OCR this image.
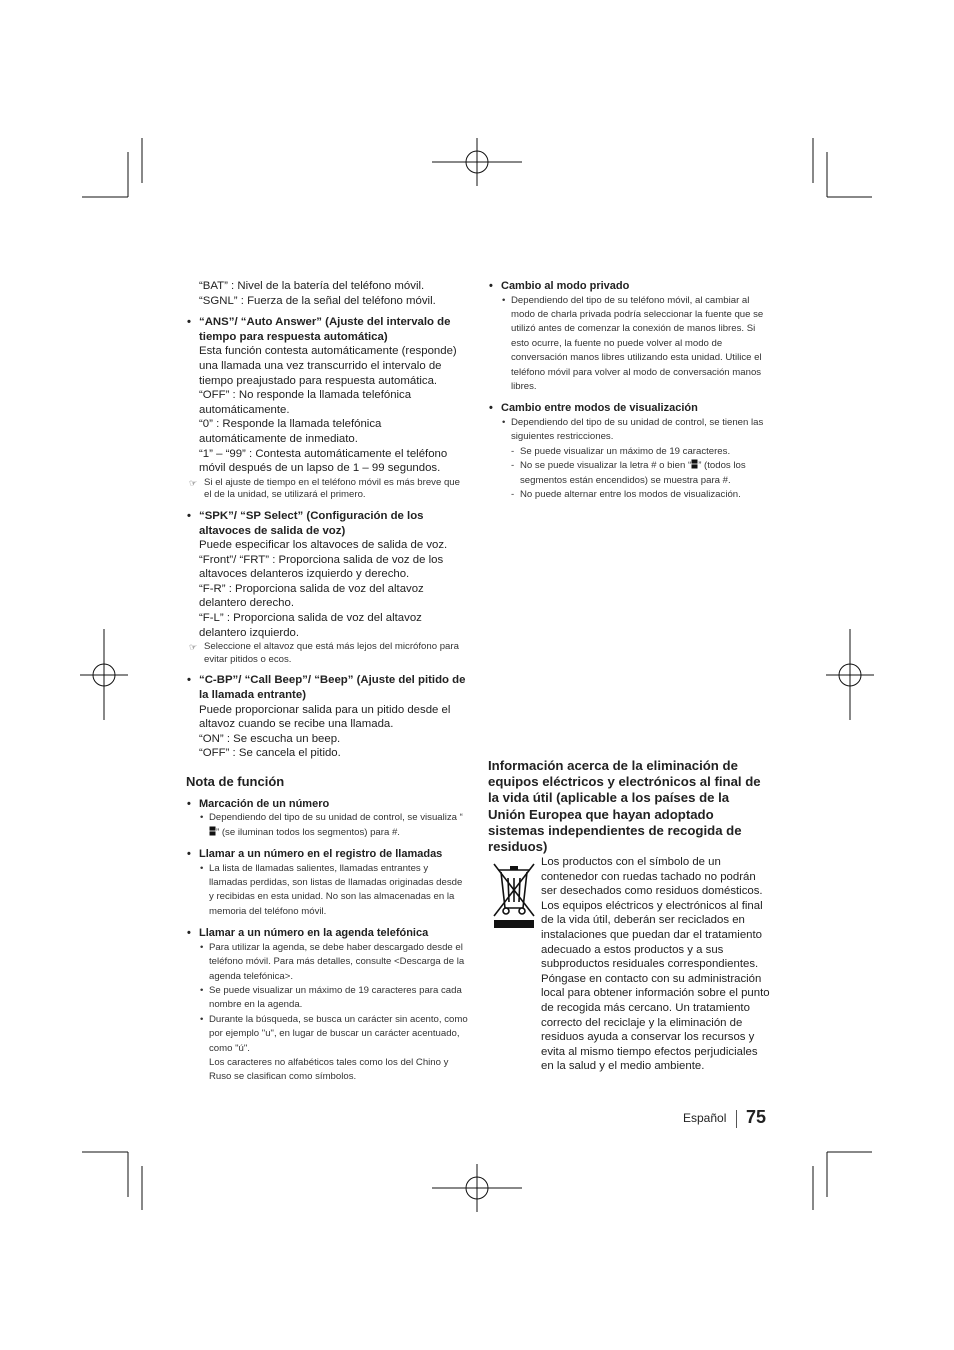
“BAT” : Nivel de la batería del teléfono móvil.
“SGNL” : Fuerza de la señal del teléfono móvil.
• “ANS”/ “Auto Answer” (Ajuste del intervalo de tiempo para respuesta automática)
Esta función contesta automáticamente (responde) una llamada una vez transcurrido el intervalo de tiempo preajustado para respuesta automática.
“OFF” : No responde la llamada telefónica automáticamente.
“0” : Responde la llamada telefónica automáticamente de inmediato.
“1” – “99” : Contesta automáticamente el teléfono móvil después de un lapso de 1 – 99 segundos.
☞ Si el ajuste de tiempo en el teléfono móvil es más breve que el de la unidad, se utilizará el primero.
• “SPK”/ “SP Select” (Configuración de los altavoces de salida de voz)
Puede especificar los altavoces de salida de voz.
“Front”/ “FRT” : Proporciona salida de voz de los altavoces delanteros izquierdo y derecho.
“F-R” : Proporciona salida de voz del altavoz delantero derecho.
“F-L” : Proporciona salida de voz del altavoz delantero izquierdo.
☞ Seleccione el altavoz que está más lejos del micrófono para evitar pitidos o ecos.
• “C-BP”/ “Call Beep”/ “Beep” (Ajuste del pitido de la llamada entrante)
Puede proporcionar salida para un pitido desde el altavoz cuando se recibe una llamada.
“ON” : Se escucha un beep.
“OFF” : Se cancela el pitido.
Nota de función
• Marcación de un número
• Dependiendo del tipo de su unidad de control, se visualiza “” (se iluminan todos los segmentos) para #.
• Llamar a un número en el registro de llamadas
• La lista de llamadas salientes, llamadas entrantes y llamadas perdidas, son listas de llamadas originadas desde y recibidas en esta unidad. No son las almacenadas en la memoria del teléfono móvil.
• Llamar a un número en la agenda telefónica
• Para utilizar la agenda, se debe haber descargado desde el teléfono móvil. Para más detalles, consulte <Descarga de la agenda telefónica>.
• Se puede visualizar un máximo de 19 caracteres para cada nombre en la agenda.
• Durante la búsqueda, se busca un carácter sin acento, como por ejemplo "u", en lugar de buscar un carácter acentuado, como "ú".
Los caracteres no alfabéticos tales como los del Chino y Ruso se clasifican como símbolos.
• Cambio al modo privado
• Dependiendo del tipo de su teléfono móvil, al cambiar al modo de charla privada podría seleccionar la fuente que se utilizó antes de comenzar la conexión de manos libres. Si esto ocurre, la fuente no puede volver al modo de conversación manos libres utilizando esta unidad. Utilice el teléfono móvil para volver al modo de conversación manos libres.
• Cambio entre modos de visualización
• Dependiendo del tipo de su unidad de control, se tienen las siguientes restricciones.
- Se puede visualizar un máximo de 19 caracteres.
- No se puede visualizar la letra # o bien “ ” (todos los segmentos están encendidos) se muestra para #.
- No puede alternar entre los modos de visualización.
Información acerca de la eliminación de equipos eléctricos y electrónicos al final de la vida útil (aplicable a los países de la Unión Europea que hayan adoptado sistemas independientes de recogida de residuos)
Los productos con el símbolo de un contenedor con ruedas tachado no podrán ser desechados como residuos domésticos. Los equipos eléctricos y electrónicos al final de la vida útil, deberán ser reciclados en instalaciones que puedan dar el tratamiento adecuado a estos productos y a sus subproductos residuales correspondientes. Póngase en contacto con su administración local para obtener información sobre el punto de recogida más cercano. Un tratamiento correcto del reciclaje y la eliminación de residuos ayuda a conservar los recursos y evita al mismo tiempo efectos perjudiciales en la salud y el medio ambiente.
Español 75
